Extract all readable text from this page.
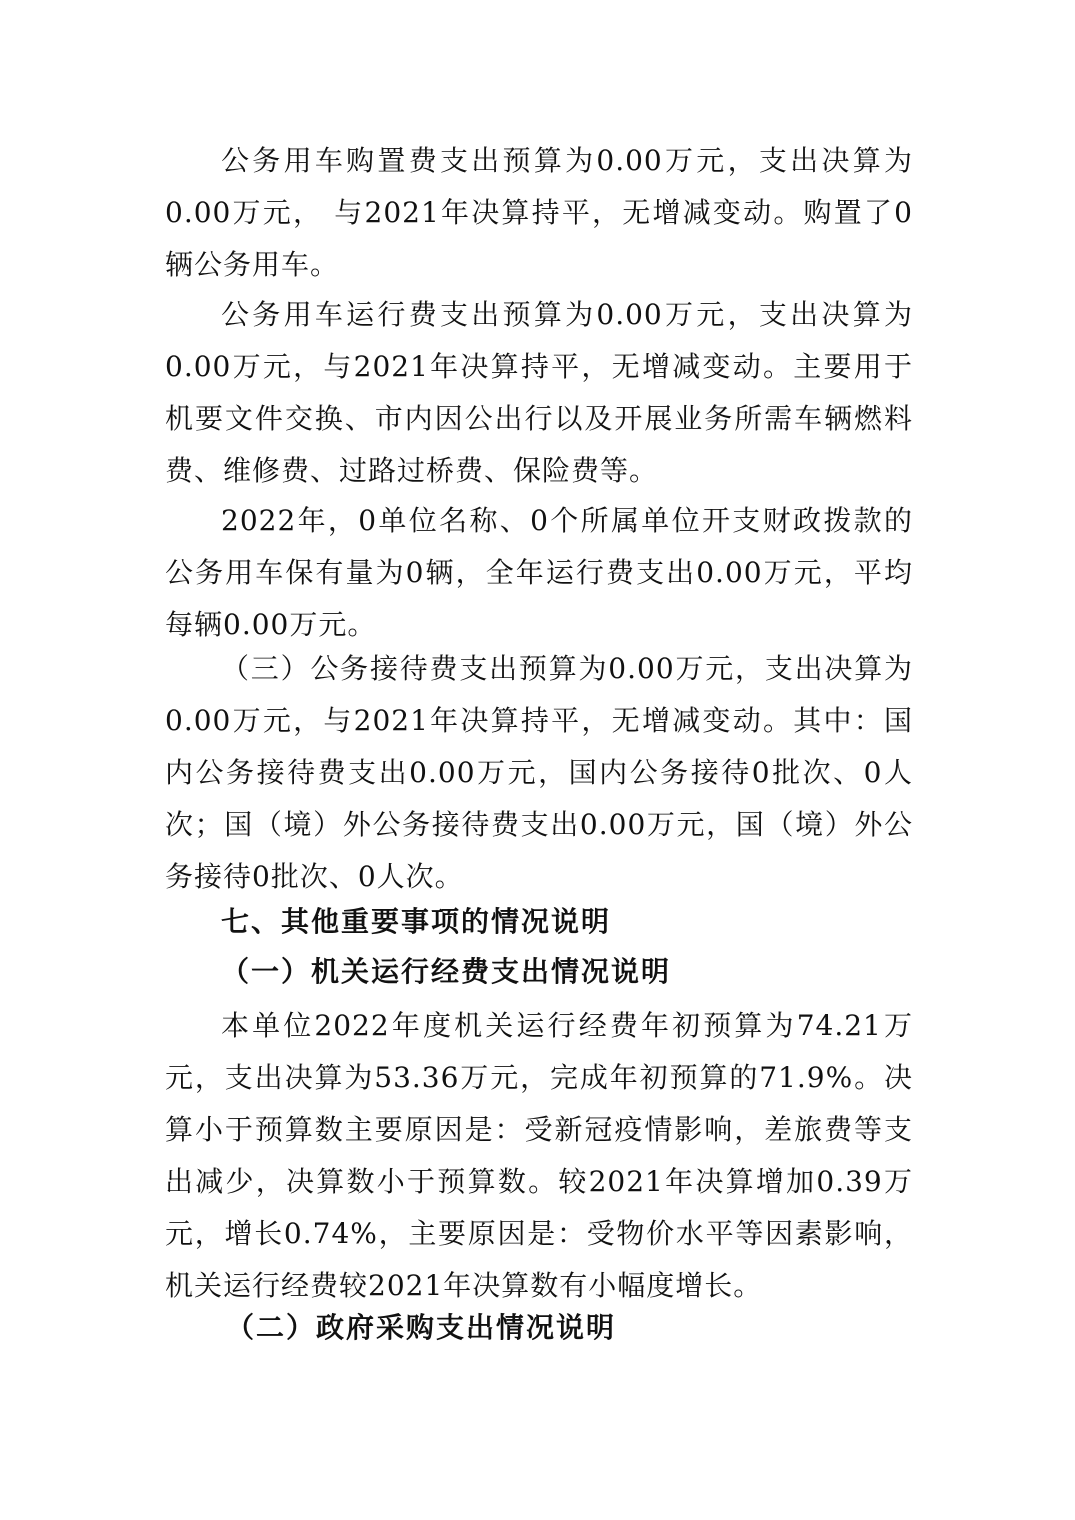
公务用车购置费支出预算为0.00万元，支出决算为0.00万元， 与2021年决算持平，无增减变动。购置了0辆公务用车。
公务用车运行费支出预算为0.00万元，支出决算为0.00万元，与2021年决算持平，无增减变动。主要用于机要文件交换、市内因公出行以及开展业务所需车辆燃料费、维修费、过路过桥费、保险费等。
2022年，0单位名称、0个所属单位开支财政拨款的公务用车保有量为0辆，全年运行费支出0.00万元，平均每辆0.00万元。
（三）公务接待费支出预算为0.00万元，支出决算为0.00万元，与2021年决算持平，无增减变动。其中：国内公务接待费支出0.00万元，国内公务接待0批次、0人次；国（境）外公务接待费支出0.00万元，国（境）外公务接待0批次、0人次。
七、其他重要事项的情况说明
（一）机关运行经费支出情况说明
本单位2022年度机关运行经费年初预算为74.21万元，支出决算为53.36万元，完成年初预算的71.9%。决算小于预算数主要原因是：受新冠疫情影响，差旅费等支出减少，决算数小于预算数。较2021年决算增加0.39万元，增长0.74%，主要原因是：受物价水平等因素影响，机关运行经费较2021年决算数有小幅度增长。
（二）政府采购支出情况说明
